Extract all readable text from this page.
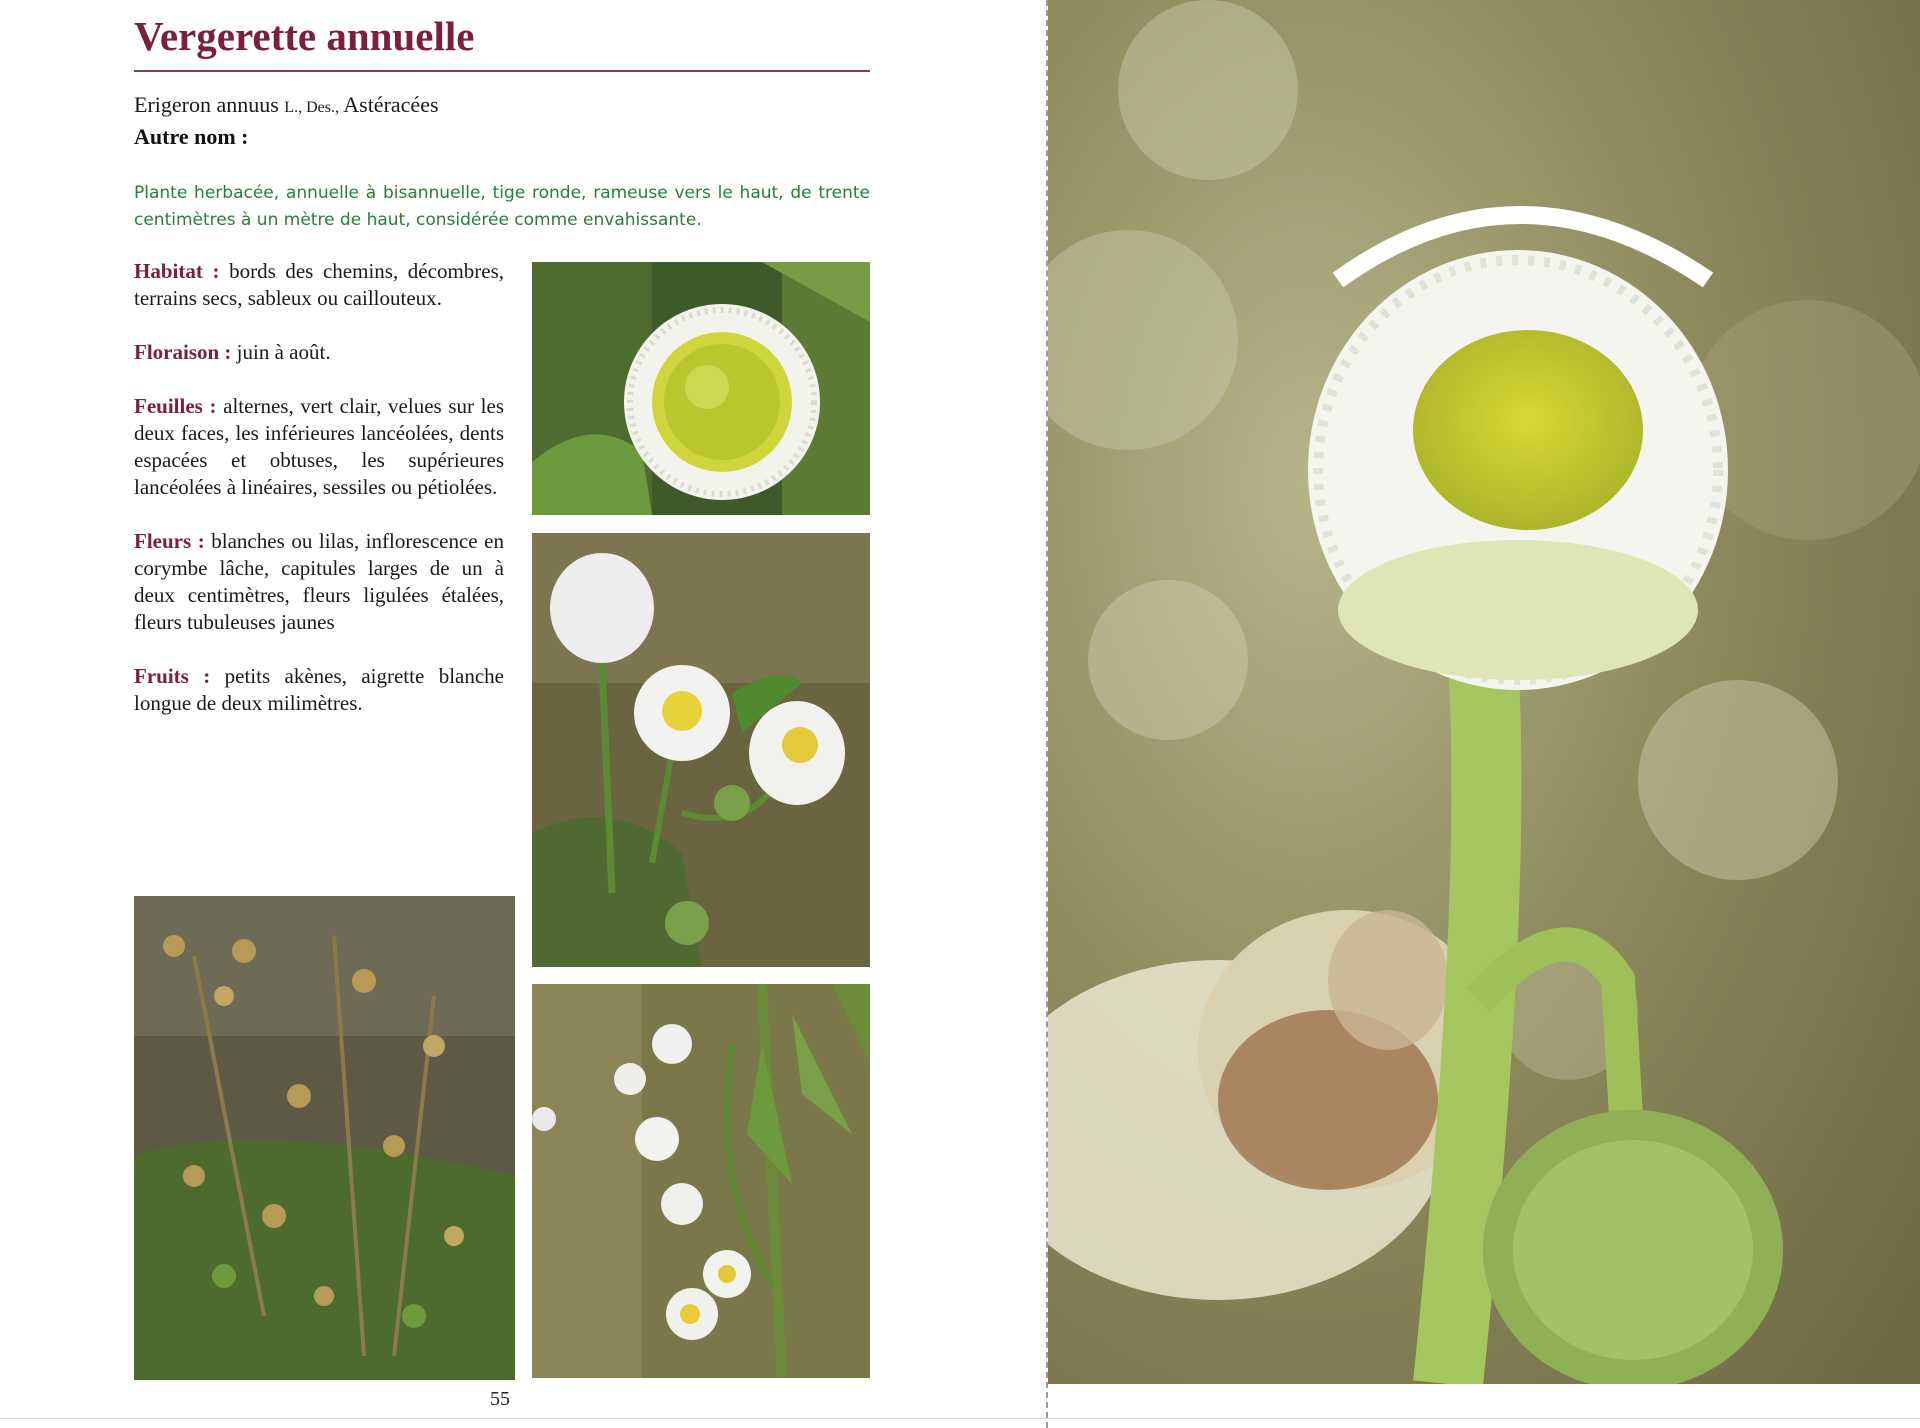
Vergerette annuelle
Erigeron annuus L., Des., Astéracées
Autre nom :
Plante herbacée, annuelle à bisannuelle, tige ronde, rameuse vers le haut, de trente centimètres à un mètre de haut, considérée comme envahissante.

Habitat : bords des chemins, décombres, terrains secs, sableux ou caillouteux.

Floraison : juin à août.

Feuilles : alternes, vert clair, velues sur les deux faces, les inférieures lancéolées, dents espacées et obtuses, les supérieures lancéolées à linéaires, sessiles ou pétiolées.

Fleurs : blanches ou lilas, inflorescence en corymbe lâche, capitules larges de un à deux centimètres, fleurs ligulées étalées, fleurs tubuleuses jaunes

Fruits : petits akènes, aigrette blanche longue de deux milimètres.

55
